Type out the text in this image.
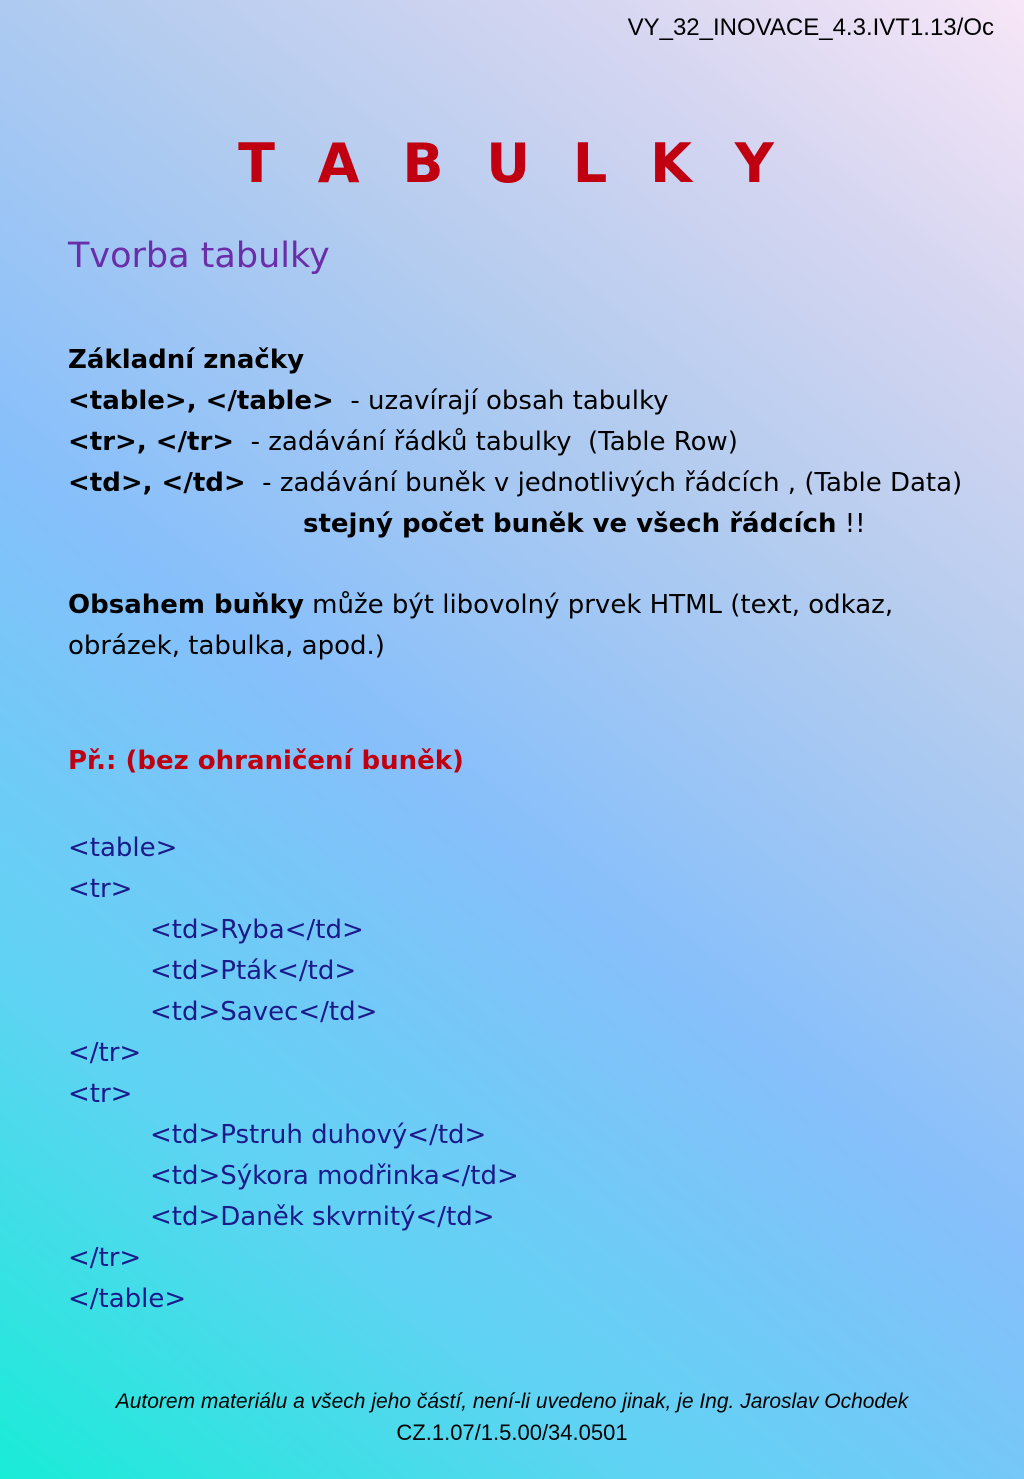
VY_32_INOVACE_4.3.IVT1.13/Oc
T A B U L K Y
Tvorba tabulky
Základní značky
<table>, </table>  - uzavírají obsah tabulky
<tr>, </tr>  - zadávání řádků tabulky  (Table Row)
<td>, </td>  - zadávání buněk v jednotlivých řádcích , (Table Data)
stejný počet buněk ve všech řádcích !!
Obsahem buňky může být libovolný prvek HTML (text, odkaz,
obrázek, tabulka, apod.)
Př.: (bez ohraničení buněk)
<table>
<tr>
<td>Ryba</td>
<td>Pták</td>
<td>Savec</td>
</tr>
<tr>
<td>Pstruh duhový</td>
<td>Sýkora modřinka</td>
<td>Daněk skvrnitý</td>
</tr>
</table>
Autorem materiálu a všech jeho částí, není-li uvedeno jinak, je Ing. Jaroslav Ochodek
CZ.1.07/1.5.00/34.0501
